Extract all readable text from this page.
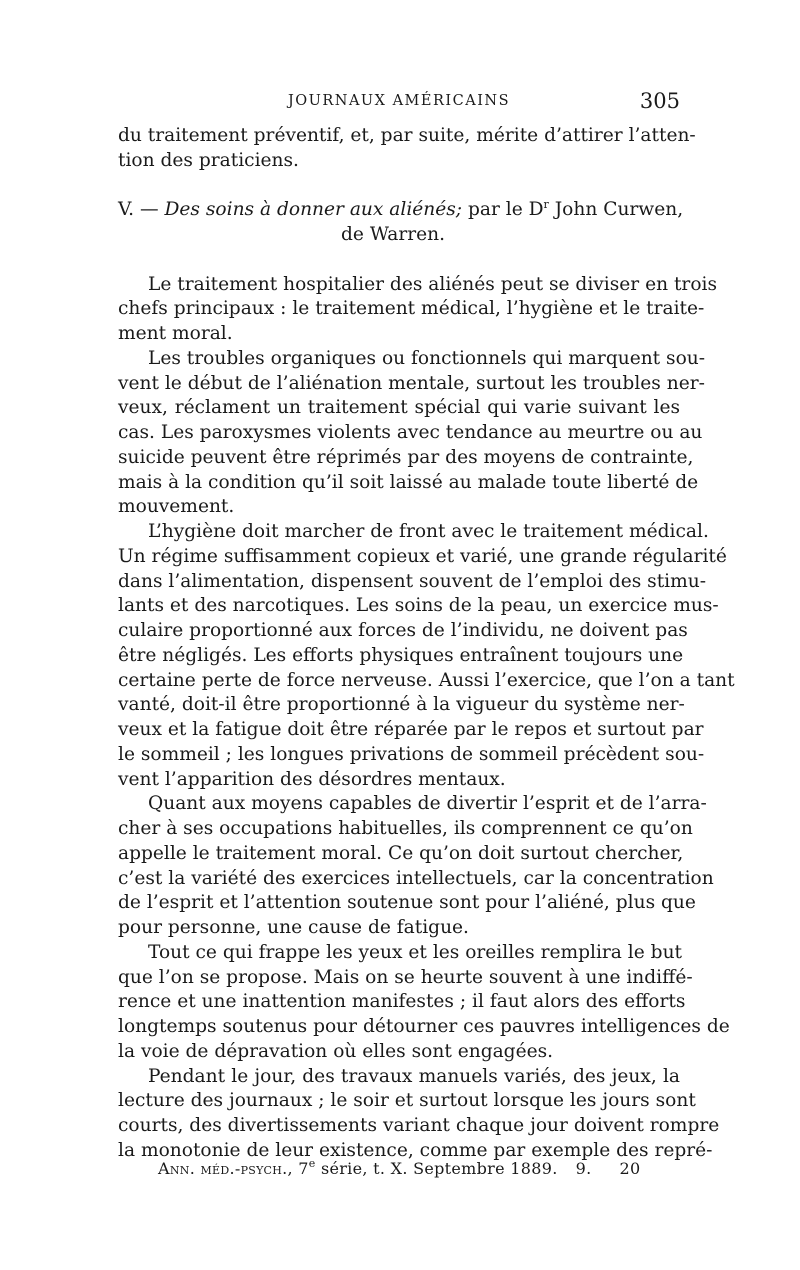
JOURNAUX AMÉRICAINS	305
du traitement préventif, et, par suite, mérite d’attirer l’atten-
tion des praticiens.
V. — Des soins à donner aux aliénés; par le $D^r$ John Curwen,
de Warren.
Le traitement hospitalier des aliénés peut se diviser en trois
chefs principaux : le traitement médical, l’hygiène et le traite-
ment moral.
Les troubles organiques ou fonctionnels qui marquent sou-
vent le début de l’aliénation mentale, surtout les troubles ner-
veux, réclament un traitement spécial qui varie suivant les
cas. Les paroxysmes violents avec tendance au meurtre ou au
suicide peuvent être réprimés par des moyens de contrainte,
mais à la condition qu’il soit laissé au malade toute liberté de
mouvement.
L’hygiène doit marcher de front avec le traitement médical.
Un régime suffisamment copieux et varié, une grande régularité
dans l’alimentation, dispensent souvent de l’emploi des stimu-
lants et des narcotiques. Les soins de la peau, un exercice mus-
culaire proportionné aux forces de l’individu, ne doivent pas
être négligés. Les efforts physiques entraînent toujours une
certaine perte de force nerveuse. Aussi l’exercice, que l’on a tant
vanté, doit-il être proportionné à la vigueur du système ner-
veux et la fatigue doit être réparée par le repos et surtout par
le sommeil ; les longues privations de sommeil précèdent sou-
vent l’apparition des désordres mentaux.
Quant aux moyens capables de divertir l’esprit et de l’arra-
cher à ses occupations habituelles, ils comprennent ce qu’on
appelle le traitement moral. Ce qu’on doit surtout chercher,
c’est la variété des exercices intellectuels, car la concentration
de l’esprit et l’attention soutenue sont pour l’aliéné, plus que
pour personne, une cause de fatigue.
Tout ce qui frappe les yeux et les oreilles remplira le but
que l’on se propose. Mais on se heurte souvent à une indiffé-
rence et une inattention manifestes ; il faut alors des efforts
longtemps soutenus pour détourner ces pauvres intelligences de
la voie de dépravation où elles sont engagées.
Pendant le jour, des travaux manuels variés, des jeux, la
lecture des journaux ; le soir et surtout lorsque les jours sont
courts, des divertissements variant chaque jour doivent rompre
la monotonie de leur existence, comme par exemple des repré-
Ann. méd.-psych., 7e série, t. X. Septembre 1889. 9. 20
